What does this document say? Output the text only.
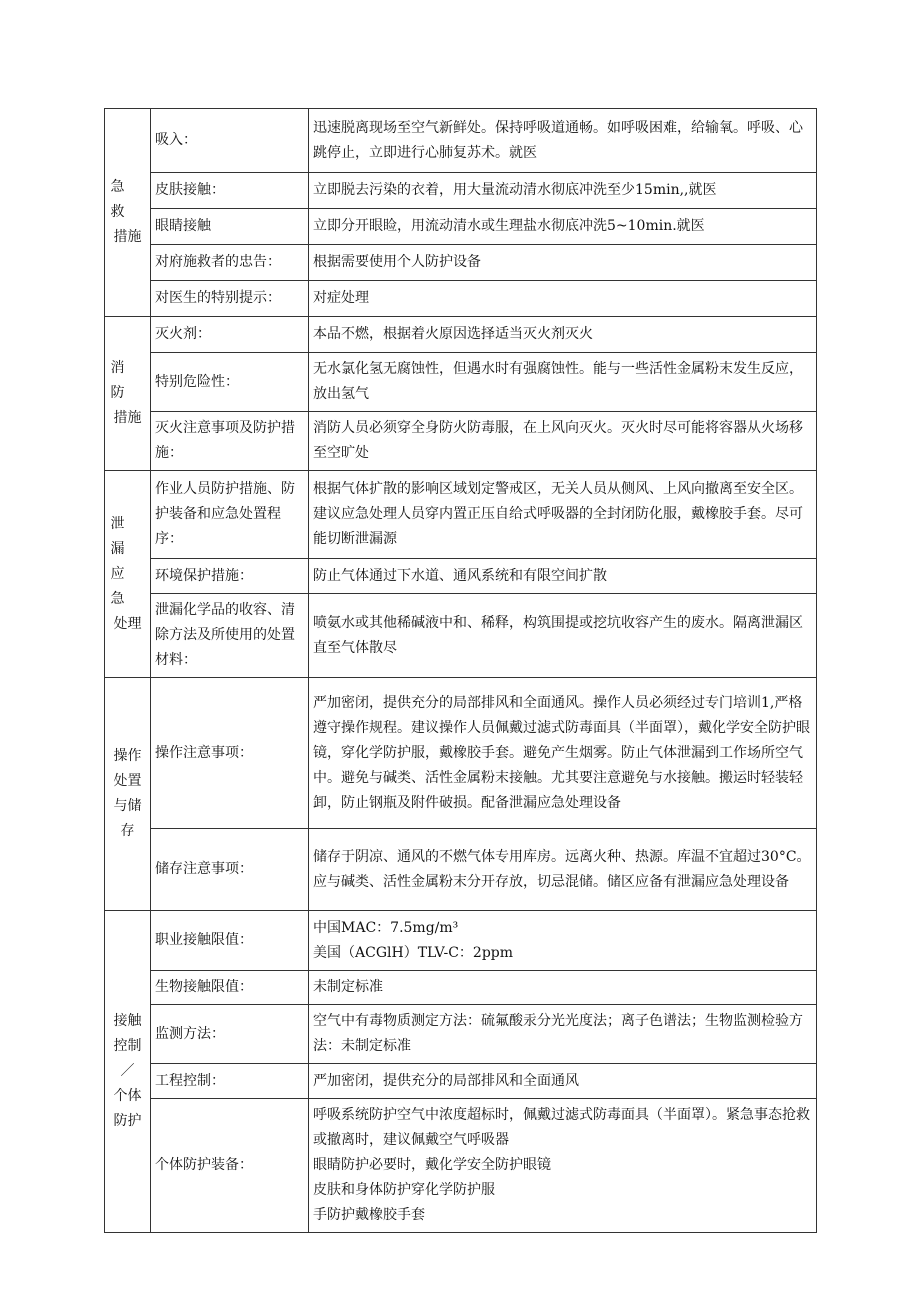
急　救
措施	吸入：	迅速脱离现场至空气新鲜处。保持呼吸道通畅。如呼吸困难，给输氧。呼吸、心跳停止，立即进行心肺复苏术。就医

	皮肤接触：	立即脱去污染的衣着，用大量流动清水彻底冲洗至少15min,,就医

	眼睛接触	立即分开眼睑，用流动清水或生理盐水彻底冲洗5~10min.就医

	对府施救者的忠告：	根据需要使用个人防护设备

	对医生的特别提示：	对症处理

消　防
措施	灭火剂：	本品不燃，根据着火原因选择适当灭火剂灭火

	特别危险性：	无水氯化氢无腐蚀性，但遇水时有强腐蚀性。能与一些活性金属粉末发生反应，放出氢气

	灭火注意事项及防护措施：	消防人员必须穿全身防火防毒服，在上风向灭火。灭火时尽可能将容器从火场移至空旷处

泄　漏
应　急
处理	作业人员防护措施、防护装备和应急处置程序：	根据气体扩散的影响区域划定警戒区，无关人员从侧风、上风向撤离至安全区。建议应急处理人员穿内置正压自给式呼吸器的全封闭防化服，戴橡胶手套。尽可能切断泄漏源

	环境保护措施：	防止气体通过下水道、通风系统和有限空间扩散

	泄漏化学品的收容、清除方法及所使用的处置材料：	喷氨水或其他稀碱液中和、稀释，构筑围提或挖坑收容产生的废水。隔离泄漏区直至气体散尽

操作
处置
与储
存	操作注意事项：	严加密闭，提供充分的局部排风和全面通风。操作人员必须经过专门培训1,严格遵守操作规程。建议操作人员佩戴过滤式防毒面具（半面罩），戴化学安全防护眼镜，穿化学防护服，戴橡胶手套。避免产生烟雾。防止气体泄漏到工作场所空气中。避免与碱类、活性金属粉末接触。尤其要注意避免与水接触。搬运时轻装轻卸，防止钢瓶及附件破损。配备泄漏应急处理设备

	储存注意事项：	储存于阴凉、通风的不燃气体专用库房。远离火种、热源。库温不宜超过30°C。应与碱类、活性金属粉末分开存放，切忌混储。储区应备有泄漏应急处理设备

接触
控制／
个体
防护	职业接触限值：	中国MAC：7.5mg∕m³
美国（ACGlH）TLV-C：2ppm

	生物接触限值：	未制定标准

	监测方法：	空气中有毒物质测定方法：硫氟酸汞分光光度法；离子色谱法；生物监测检验方法：未制定标准

	工程控制：	严加密闭，提供充分的局部排风和全面通风

	个体防护装备：	呼吸系统防护空气中浓度超标时，佩戴过滤式防毒面具（半面罩）。紧急事态抢救或撤离时，建议佩戴空气呼吸器
眼睛防护必要时，戴化学安全防护眼镜
皮肤和身体防护穿化学防护服
手防护戴橡胶手套
